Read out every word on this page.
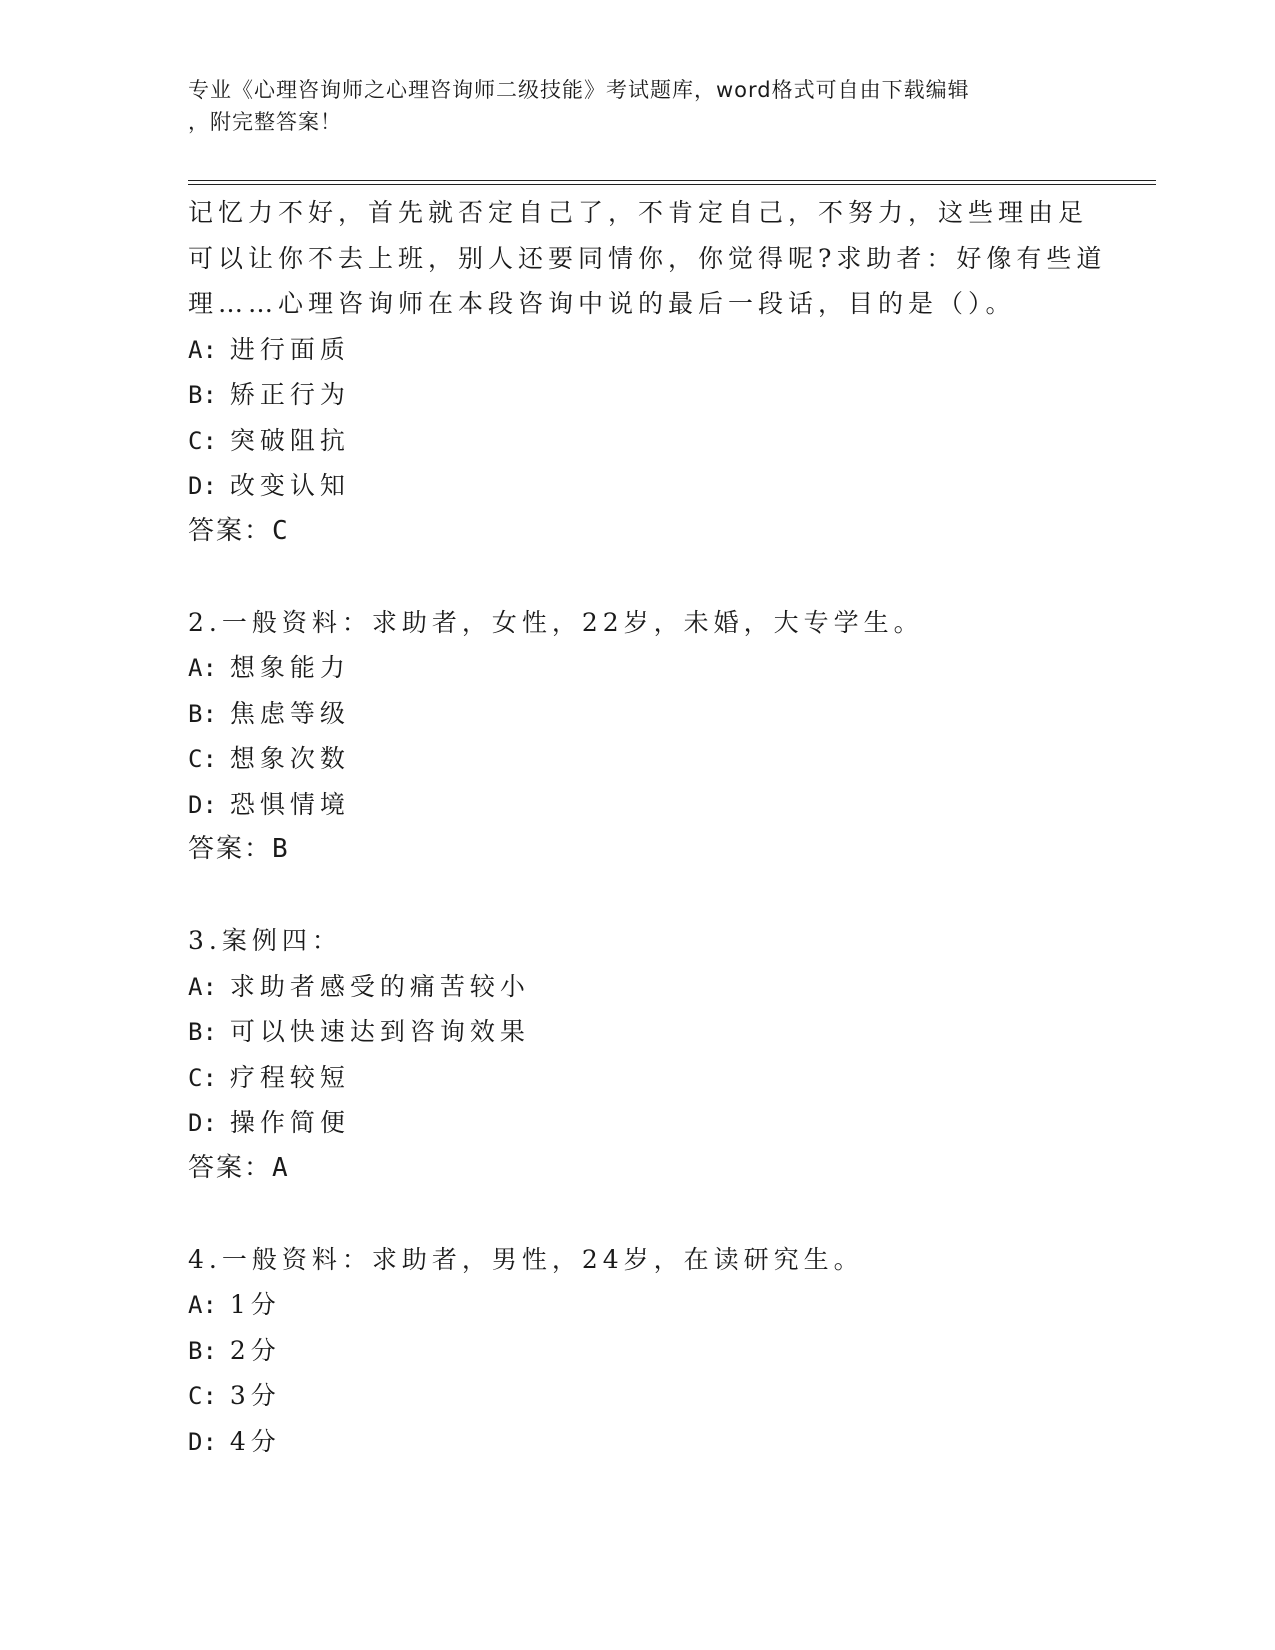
专业《心理咨询师之心理咨询师二级技能》考试题库，word格式可自由下载编辑
，附完整答案！
记忆力不好，首先就否定自己了，不肯定自己，不努力，这些理由足
可以让你不去上班，别人还要同情你，你觉得呢?求助者：好像有些道
理……心理咨询师在本段咨询中说的最后一段话，目的是（）。
A: 进行面质
B: 矫正行为
C: 突破阻抗
D: 改变认知
答案：C
2.一般资料：求助者，女性，22岁，未婚，大专学生。
A: 想象能力
B: 焦虑等级
C: 想象次数
D: 恐惧情境
答案：B
3.案例四：
A: 求助者感受的痛苦较小
B: 可以快速达到咨询效果
C: 疗程较短
D: 操作简便
答案：A
4.一般资料：求助者，男性，24岁，在读研究生。
A: 1分
B: 2分
C: 3分
D: 4分
